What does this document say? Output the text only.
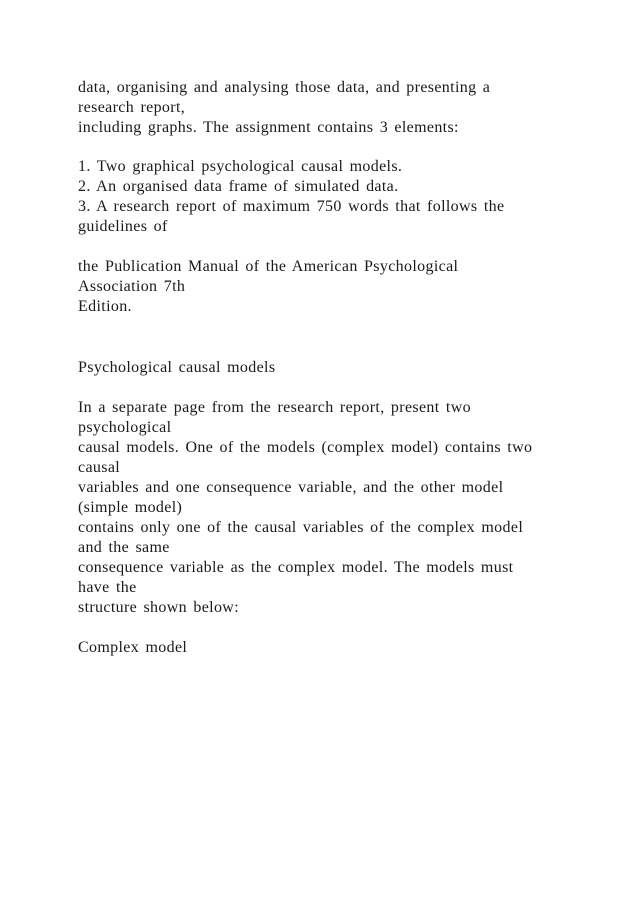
data, organising and analysing those data, and presenting a

research report,

including graphs. The assignment contains 3 elements:

1. Two graphical psychological causal models.

2. An organised data frame of simulated data.

3. A research report of maximum 750 words that follows the

guidelines of

the Publication Manual of the American Psychological

Association 7th

Edition.

Psychological causal models

In a separate page from the research report, present two

psychological

causal models. One of the models (complex model) contains two

causal

variables and one consequence variable, and the other model

(simple model)

contains only one of the causal variables of the complex model

and the same

consequence variable as the complex model. The models must

have the

structure shown below:

Complex model
